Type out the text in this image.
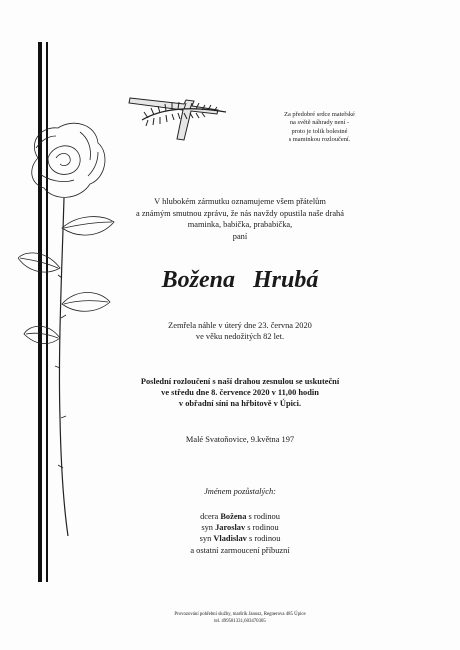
Za předobré srdce mateřské
na světě náhrady není -
proto je tolik bolestné
s maminkou rozloučení.
V hlubokém zármutku oznamujeme všem přátelům
a známým smutnou zprávu, že nás navždy opustila naše drahá
maminka, babička, prababička,
paní
Božena Hrubá
Zemřela náhle v úterý dne 23. června 2020
ve věku nedožitých 82 let.
Poslední rozloučení s naší drahou zesnulou se uskuteční
ve středu dne 8. července 2020 v 11,00 hodin
v obřadní síni na hřbitově v Úpici.
Malé Svatoňovice, 9.května 197
Jménem pozůstalých:
dcera Božena s rodinou
syn Jaroslav s rodinou
syn Vladislav s rodinou
a ostatní zarmoucení příbuzní
Provozování pohřební služby, maršrík Janusz, Regnerova 485 Úpice
tel. 499581331,603470305
